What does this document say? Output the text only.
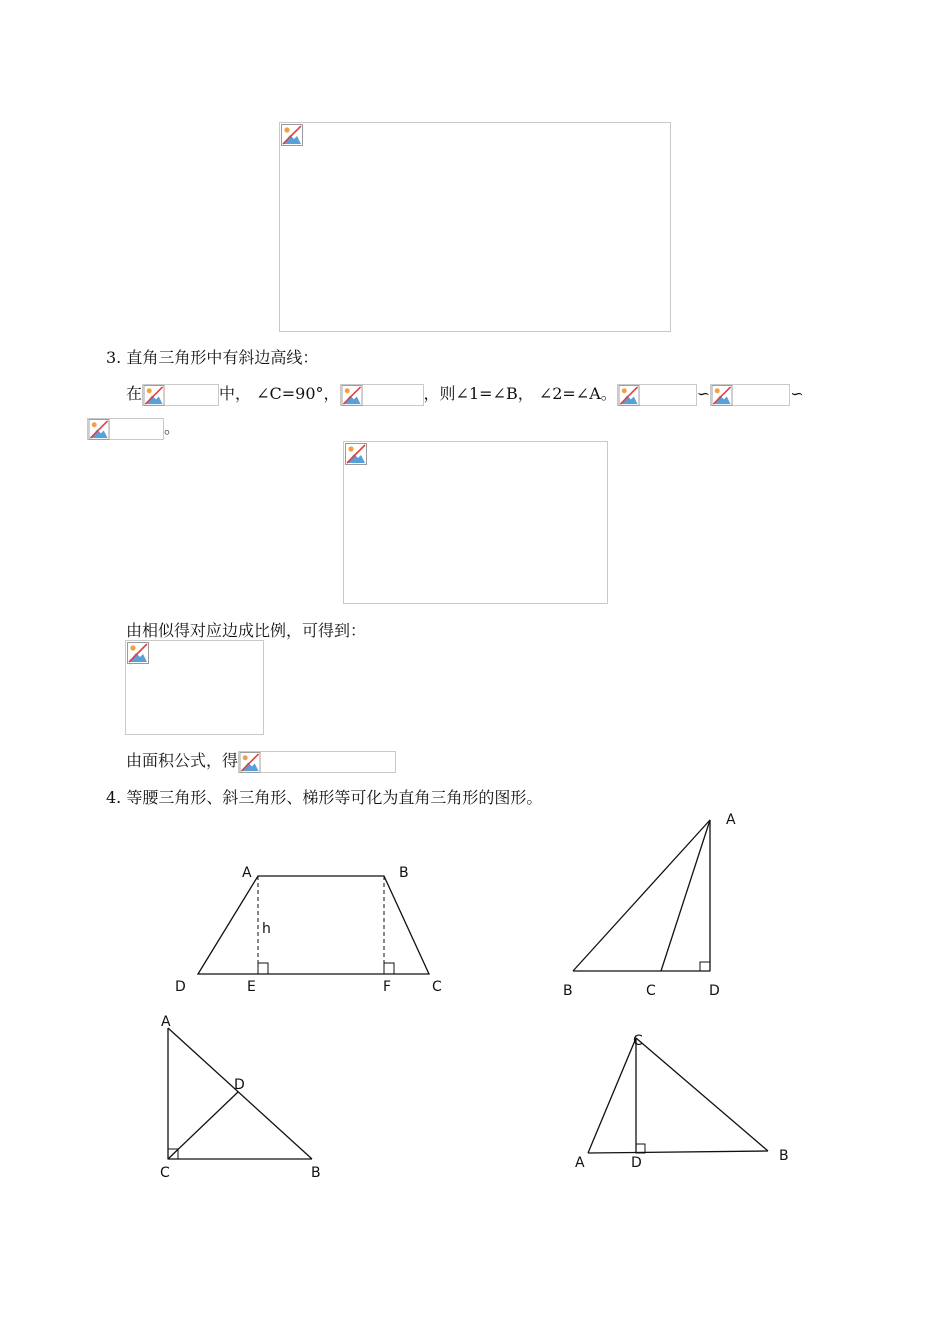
3. 直角三角形中有斜边高线：
在	中， ∠C=90°，	，则∠1=∠B， ∠2=∠A。	∽	∽
。
由相似得对应边成比例，可得到：
由面积公式，得
4. 等腰三角形、斜三角形、梯形等可化为直角三角形的图形。
A	B
C
D	E	F
h
A
B	C	D
A
D
C	B
C
A	D	B
